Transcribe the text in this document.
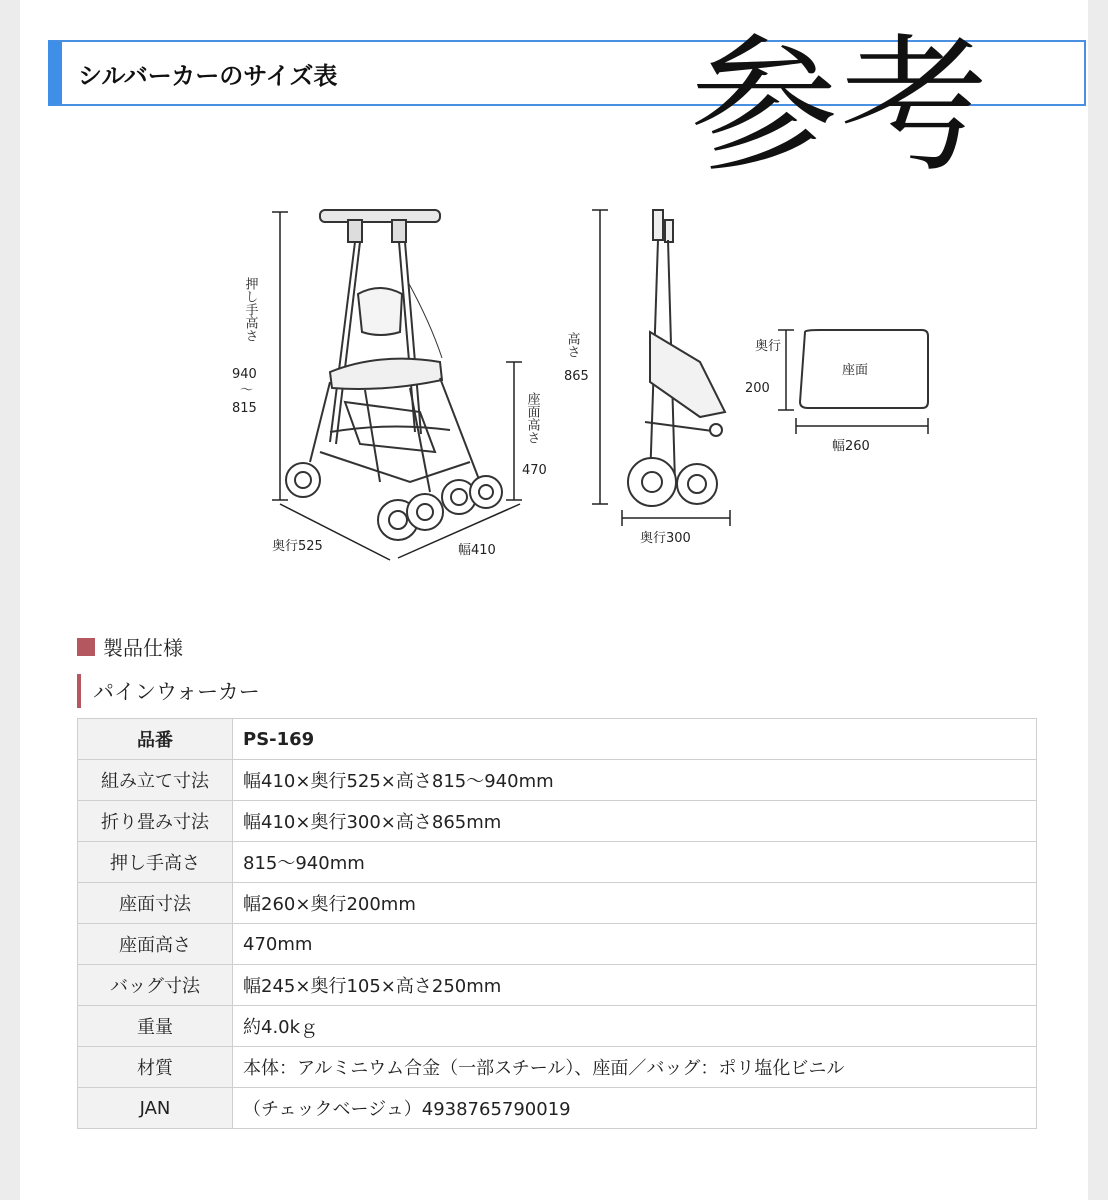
シルバーカーのサイズ表 参考
押し手高さ
940
〜
815	座面高さ
470
奥行525	幅410
高さ
865
奥行300
座面
奥行
200
幅260
製品仕様
パインウォーカー
品番	PS-169
組み立て寸法	幅410×奥行525×高さ815〜940mm
折り畳み寸法	幅410×奥行300×高さ865mm
押し手高さ	815〜940mm
座面寸法	幅260×奥行200mm
座面高さ	470mm
バッグ寸法	幅245×奥行105×高さ250mm
重量	約4.0kｇ
材質	本体：アルミニウム合金（一部スチール）、座面／バッグ：ポリ塩化ビニル
JAN	（チェックベージュ）4938765790019
